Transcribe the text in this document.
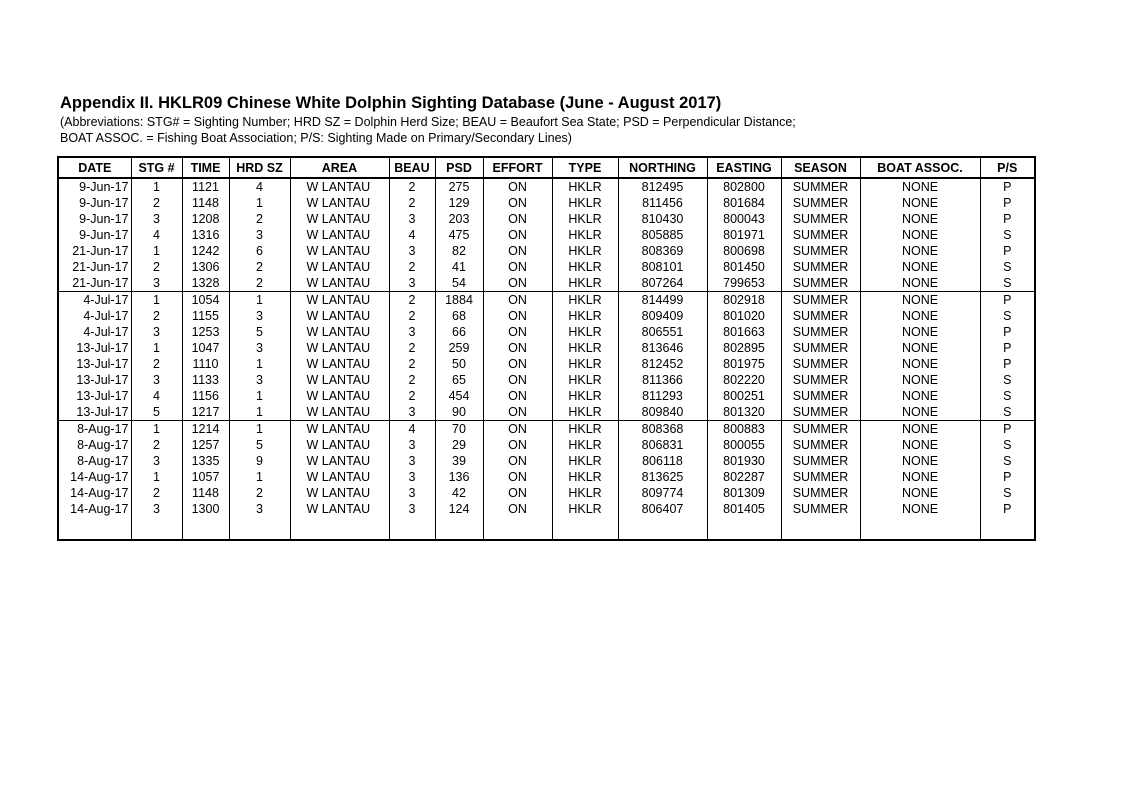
Appendix II. HKLR09 Chinese White Dolphin Sighting Database (June - August 2017)
(Abbreviations: STG# = Sighting Number; HRD SZ = Dolphin Herd Size; BEAU = Beaufort Sea State; PSD = Perpendicular Distance;
BOAT ASSOC. = Fishing Boat Association; P/S: Sighting Made on Primary/Secondary Lines)
DATE	STG #	TIME	HRD SZ	AREA	BEAU	PSD	EFFORT	TYPE	NORTHING	EASTING	SEASON	BOAT ASSOC.	P/S
9-Jun-17	1	1121	4	W LANTAU	2	275	ON	HKLR	812495	802800	SUMMER	NONE	P
9-Jun-17	2	1148	1	W LANTAU	2	129	ON	HKLR	811456	801684	SUMMER	NONE	P
9-Jun-17	3	1208	2	W LANTAU	3	203	ON	HKLR	810430	800043	SUMMER	NONE	P
9-Jun-17	4	1316	3	W LANTAU	4	475	ON	HKLR	805885	801971	SUMMER	NONE	S
21-Jun-17	1	1242	6	W LANTAU	3	82	ON	HKLR	808369	800698	SUMMER	NONE	P
21-Jun-17	2	1306	2	W LANTAU	2	41	ON	HKLR	808101	801450	SUMMER	NONE	S
21-Jun-17	3	1328	2	W LANTAU	3	54	ON	HKLR	807264	799653	SUMMER	NONE	S
4-Jul-17	1	1054	1	W LANTAU	2	1884	ON	HKLR	814499	802918	SUMMER	NONE	P
4-Jul-17	2	1155	3	W LANTAU	2	68	ON	HKLR	809409	801020	SUMMER	NONE	S
4-Jul-17	3	1253	5	W LANTAU	3	66	ON	HKLR	806551	801663	SUMMER	NONE	P
13-Jul-17	1	1047	3	W LANTAU	2	259	ON	HKLR	813646	802895	SUMMER	NONE	P
13-Jul-17	2	1110	1	W LANTAU	2	50	ON	HKLR	812452	801975	SUMMER	NONE	P
13-Jul-17	3	1133	3	W LANTAU	2	65	ON	HKLR	811366	802220	SUMMER	NONE	S
13-Jul-17	4	1156	1	W LANTAU	2	454	ON	HKLR	811293	800251	SUMMER	NONE	S
13-Jul-17	5	1217	1	W LANTAU	3	90	ON	HKLR	809840	801320	SUMMER	NONE	S
8-Aug-17	1	1214	1	W LANTAU	4	70	ON	HKLR	808368	800883	SUMMER	NONE	P
8-Aug-17	2	1257	5	W LANTAU	3	29	ON	HKLR	806831	800055	SUMMER	NONE	S
8-Aug-17	3	1335	9	W LANTAU	3	39	ON	HKLR	806118	801930	SUMMER	NONE	S
14-Aug-17	1	1057	1	W LANTAU	3	136	ON	HKLR	813625	802287	SUMMER	NONE	P
14-Aug-17	2	1148	2	W LANTAU	3	42	ON	HKLR	809774	801309	SUMMER	NONE	S
14-Aug-17	3	1300	3	W LANTAU	3	124	ON	HKLR	806407	801405	SUMMER	NONE	P
